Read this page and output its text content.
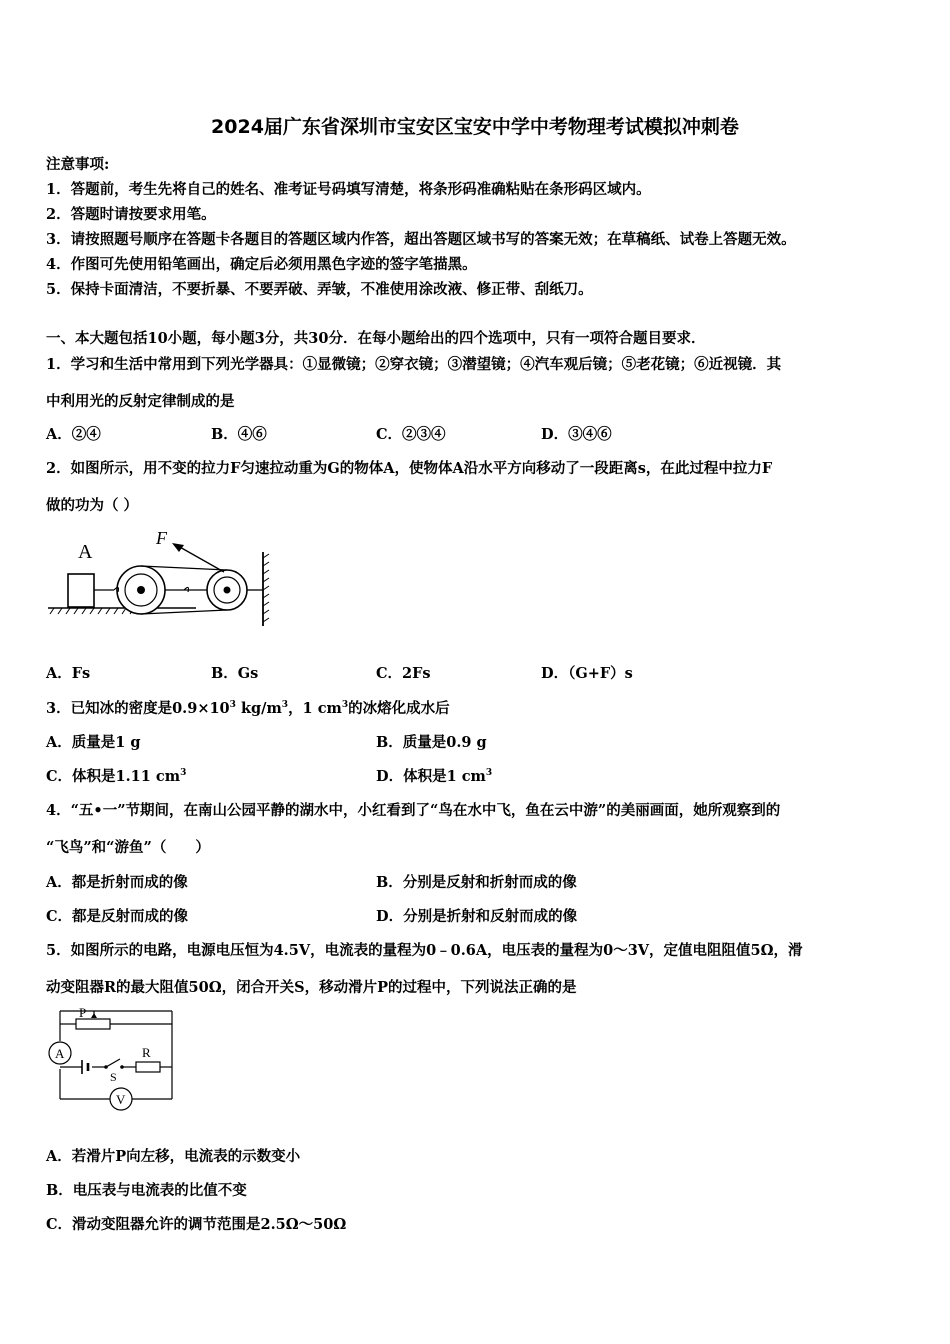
2024届广东省深圳市宝安区宝安中学中考物理考试模拟冲刺卷
注意事项:
1．答题前，考生先将自己的姓名、准考证号码填写清楚，将条形码准确粘贴在条形码区域内。
2．答题时请按要求用笔。
3．请按照题号顺序在答题卡各题目的答题区域内作答，超出答题区域书写的答案无效；在草稿纸、试卷上答题无效。
4．作图可先使用铅笔画出，确定后必须用黑色字迹的签字笔描黑。
5．保持卡面清洁，不要折暴、不要弄破、弄皱，不准使用涂改液、修正带、刮纸刀。
一、本大题包括10小题，每小题3分，共30分．在每小题给出的四个选项中，只有一项符合题目要求．
1．学习和生活中常用到下列光学器具：①显微镜；②穿衣镜；③潜望镜；④汽车观后镜；⑤老花镜；⑥近视镜．其
中利用光的反射定律制成的是
A．②④	B．④⑥	C．②③④	D．③④⑥
2．如图所示，用不变的拉力F匀速拉动重为G的物体A，使物体A沿水平方向移动了一段距离s，在此过程中拉力F
做的功为（ ）
A
F
A．Fs	B．Gs	C．2Fs	D．（G+F）s
3．已知冰的密度是$0.9\times 10^3$ $kg/m^3$，1 $cm^3$的冰熔化成水后
A．质量是1 g	B．质量是0.9 g
C．体积是1.11 $cm^3$	D．体积是1 $cm^3$
4．“五•一”节期间，在南山公园平静的湖水中，小红看到了“鸟在水中飞，鱼在云中游”的美丽画面，她所观察到的
“飞鸟”和“游鱼”（　　）
A．都是折射而成的像	B．分别是反射和折射而成的像
C．都是反射而成的像	D．分别是折射和反射而成的像
5．如图所示的电路，电源电压恒为4.5V，电流表的量程为0﹣0.6A，电压表的量程为0～3V，定值电阻阻值5Ω，滑
动变阻器R的最大阻值50Ω，闭合开关S，移动滑片P的过程中，下列说法正确的是
P
A
S
R
V
A．若滑片P向左移，电流表的示数变小
B．电压表与电流表的比值不变
C．滑动变阻器允许的调节范围是2.5Ω～50Ω
